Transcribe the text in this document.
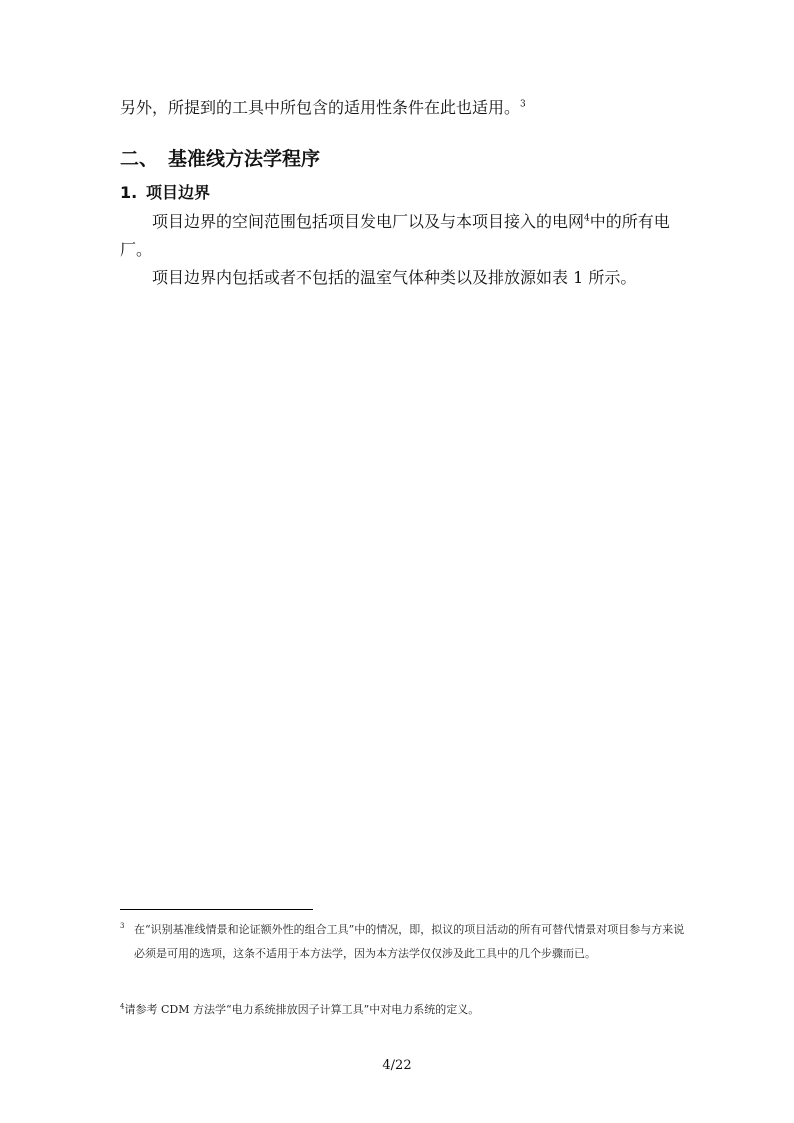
另外，所提到的工具中所包含的适用性条件在此也适用。$^3$

二、 基准线方法学程序
1. 项目边界

项目边界的空间范围包括项目发电厂以及与本项目接入的电网$^4$中的所有电厂。

项目边界内包括或者不包括的温室气体种类以及排放源如表 1 所示。

$^3$ 在“识别基准线情景和论证额外性的组合工具”中的情况，即，拟议的项目活动的所有可替代情景对项目参与方来说必须是可用的选项，这条不适用于本方法学，因为本方法学仅仅涉及此工具中的几个步骤而已。

$^4$请参考 CDM 方法学“电力系统排放因子计算工具”中对电力系统的定义。

4/22
